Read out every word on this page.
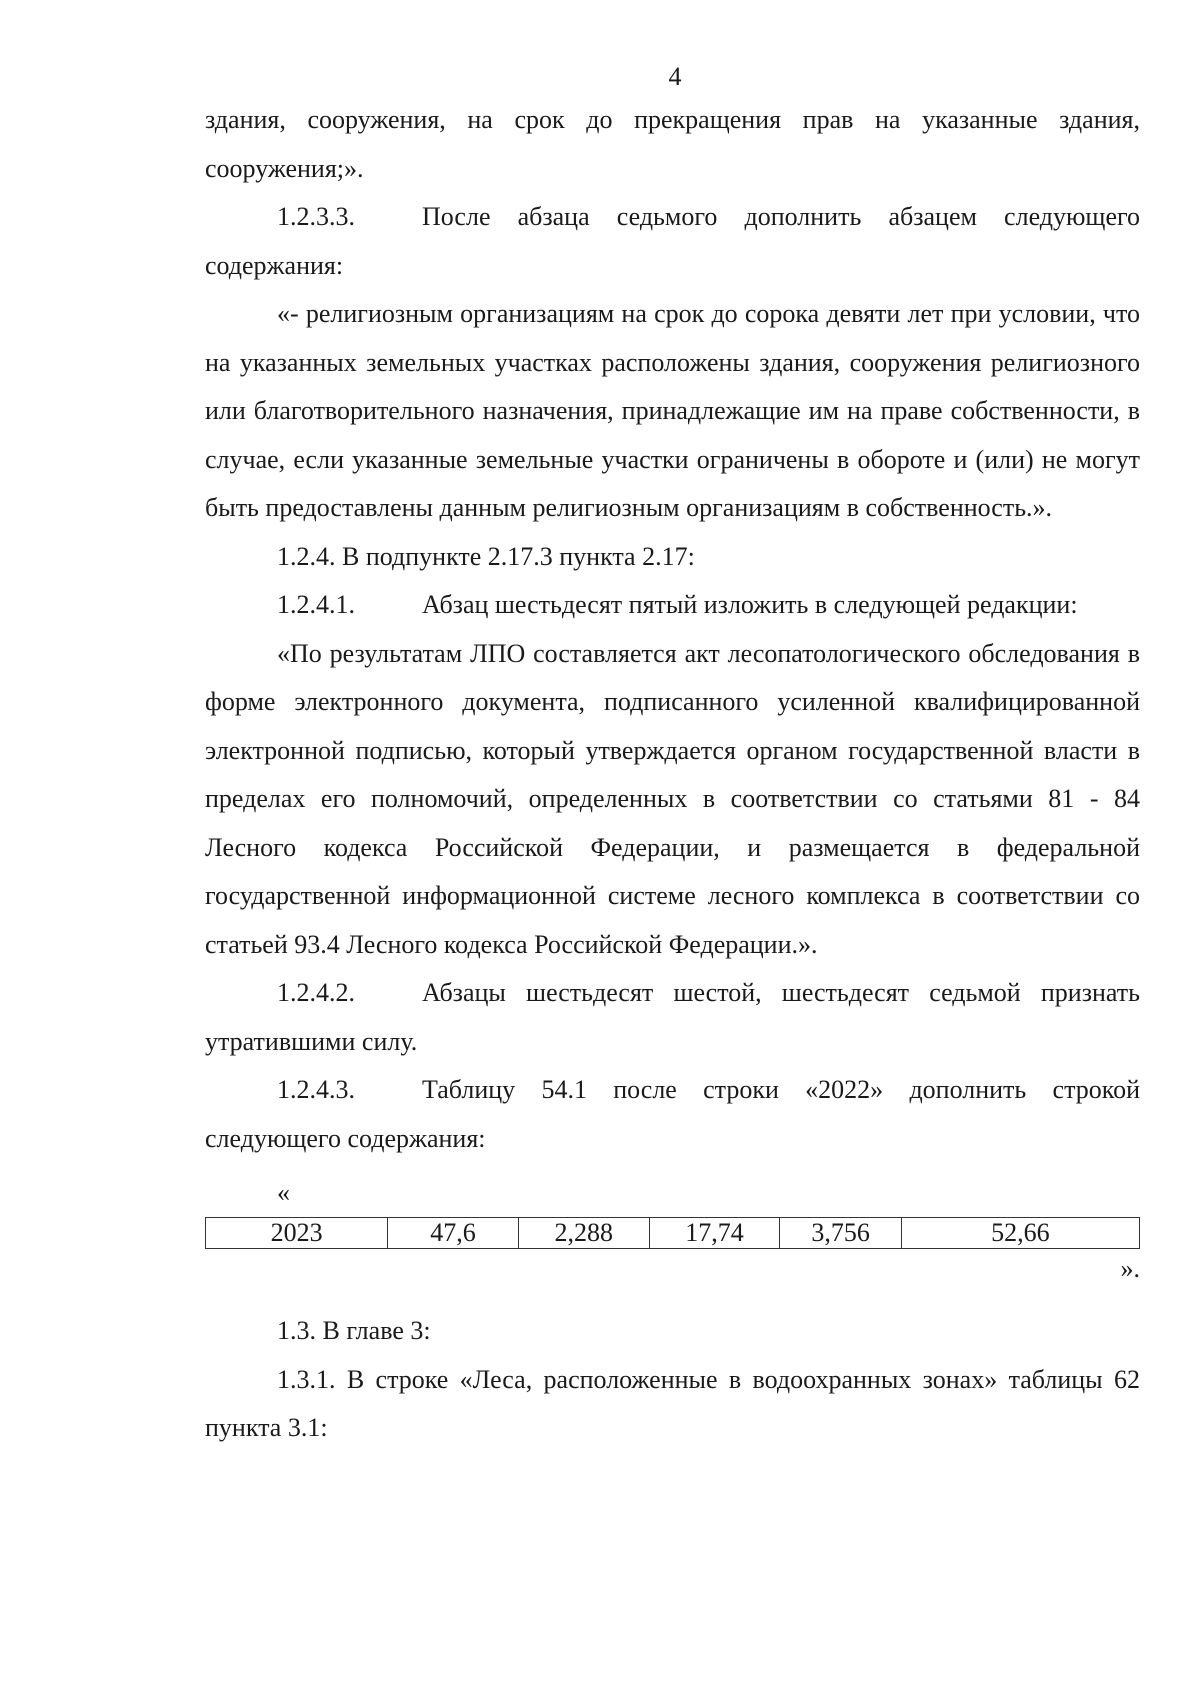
4

здания, сооружения, на срок до прекращения прав на указанные здания, сооружения;».

1.2.3.3.	После абзаца седьмого дополнить абзацем следующего содержания:

«- религиозным организациям на срок до сорока девяти лет при условии, что на указанных земельных участках расположены здания, сооружения религиозного или благотворительного назначения, принадлежащие им на праве собственности, в случае, если указанные земельные участки ограничены в обороте и (или) не могут быть предоставлены данным религиозным организациям в собственность.».

1.2.4. В подпункте 2.17.3 пункта 2.17:

1.2.4.1.	Абзац шестьдесят пятый изложить в следующей редакции:

«По результатам ЛПО составляется акт лесопатологического обследования в форме электронного документа, подписанного усиленной квалифицированной электронной подписью, который утверждается органом государственной власти в пределах его полномочий, определенных в соответствии со статьями 81 - 84 Лесного кодекса Российской Федерации, и размещается в федеральной государственной информационной системе лесного комплекса в соответствии со статьей 93.4 Лесного кодекса Российской Федерации.».

1.2.4.2.	Абзацы шестьдесят шестой, шестьдесят седьмой признать утратившими силу.

1.2.4.3.	Таблицу 54.1 после строки «2022» дополнить строкой следующего содержания:

«

2023	47,6	2,288	17,74	3,756	52,66

».

1.3. В главе 3:

1.3.1. В строке «Леса, расположенные в водоохранных зонах» таблицы 62 пункта 3.1:
